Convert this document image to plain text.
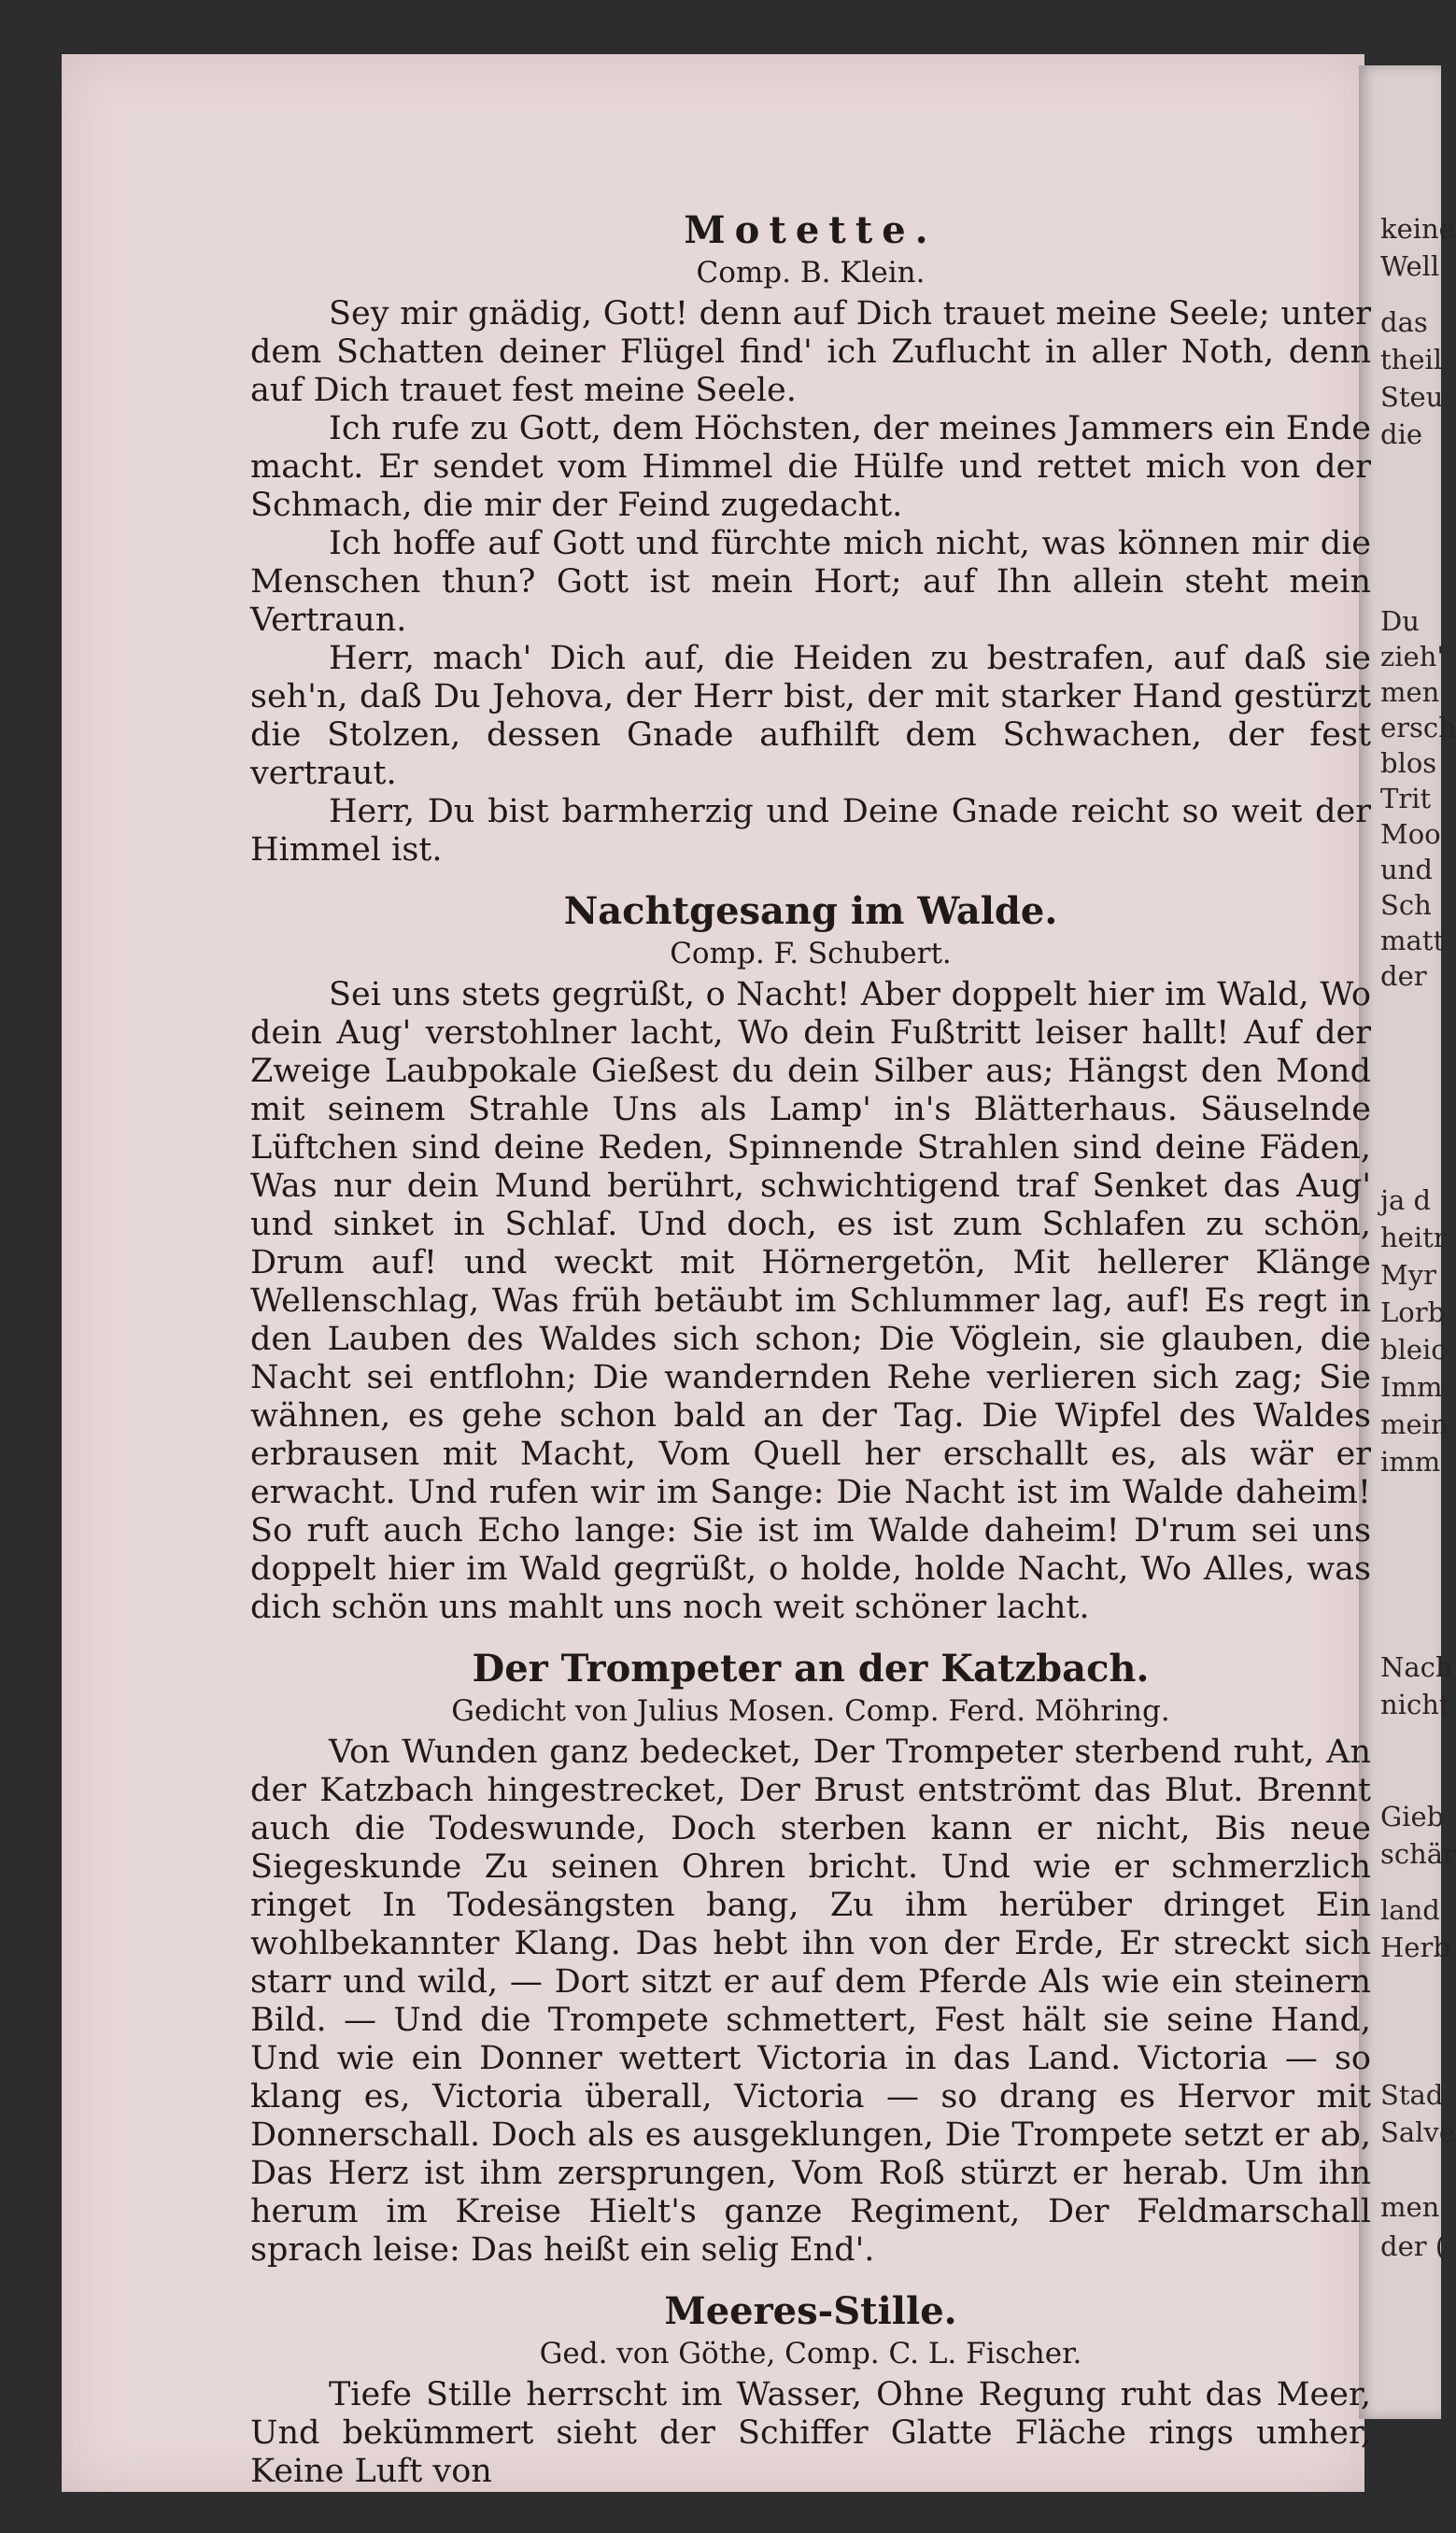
Motette.
Comp. B. Klein.

Sey mir gnädig, Gott! denn auf Dich trauet meine Seele; unter dem Schatten deiner Flügel find' ich Zuflucht in aller Noth, denn auf Dich trauet fest meine Seele.

Ich rufe zu Gott, dem Höchsten, der meines Jammers ein Ende macht. Er sendet vom Himmel die Hülfe und rettet mich von der Schmach, die mir der Feind zugedacht.

Ich hoffe auf Gott und fürchte mich nicht, was können mir die Menschen thun? Gott ist mein Hort; auf Ihn allein steht mein Vertraun.

Herr, mach' Dich auf, die Heiden zu bestrafen, auf daß sie seh'n, daß Du Jehova, der Herr bist, der mit starker Hand gestürzt die Stolzen, dessen Gnade aufhilft dem Schwachen, der fest vertraut.

Herr, Du bist barmherzig und Deine Gnade reicht so weit der Himmel ist.

Nachtgesang im Walde.
Comp. F. Schubert.

Sei uns stets gegrüßt, o Nacht! Aber doppelt hier im Wald, Wo dein Aug' verstohlner lacht, Wo dein Fußtritt leiser hallt! Auf der Zweige Laubpokale Gießest du dein Silber aus; Hängst den Mond mit seinem Strahle Uns als Lamp' in's Blätterhaus. Säuselnde Lüftchen sind deine Reden, Spinnende Strahlen sind deine Fäden, Was nur dein Mund berührt, schwichtigend traf Senket das Aug' und sinket in Schlaf. Und doch, es ist zum Schlafen zu schön, Drum auf! und weckt mit Hörnergetön, Mit hellerer Klänge Wellenschlag, Was früh betäubt im Schlummer lag, auf! Es regt in den Lauben des Waldes sich schon; Die Vöglein, sie glauben, die Nacht sei entflohn; Die wandernden Rehe verlieren sich zag; Sie wähnen, es gehe schon bald an der Tag. Die Wipfel des Waldes erbrausen mit Macht, Vom Quell her erschallt es, als wär er erwacht. Und rufen wir im Sange: Die Nacht ist im Walde daheim! So ruft auch Echo lange: Sie ist im Walde daheim! D'rum sei uns doppelt hier im Wald gegrüßt, o holde, holde Nacht, Wo Alles, was dich schön uns mahlt uns noch weit schöner lacht.

Der Trompeter an der Katzbach.
Gedicht von Julius Mosen. Comp. Ferd. Möhring.

Von Wunden ganz bedecket, Der Trompeter sterbend ruht, An der Katzbach hingestrecket, Der Brust entströmt das Blut. Brennt auch die Todeswunde, Doch sterben kann er nicht, Bis neue Siegeskunde Zu seinen Ohren bricht. Und wie er schmerzlich ringet In Todesängsten bang, Zu ihm herüber dringet Ein wohlbekannter Klang. Das hebt ihn von der Erde, Er streckt sich starr und wild, — Dort sitzt er auf dem Pferde Als wie ein steinern Bild. — Und die Trompete schmettert, Fest hält sie seine Hand, Und wie ein Donner wettert Victoria in das Land. Victoria — so klang es, Victoria überall, Victoria — so drang es Hervor mit Donnerschall. Doch als es ausgeklungen, Die Trompete setzt er ab, Das Herz ist ihm zersprungen, Vom Roß stürzt er herab. Um ihn herum im Kreise Hielt's ganze Regiment, Der Feldmarschall sprach leise: Das heißt ein selig End'.

Meeres-Stille.
Ged. von Göthe, Comp. C. L. Fischer.

Tiefe Stille herrscht im Wasser, Ohne Regung ruht das Meer, Und bekümmert sieht der Schiffer Glatte Fläche rings umher, Keine Luft von

keine
Well
das
theil
Steu
die
Du
zieh'
men
ersch
blos
Trit
Moo
und
Sch
matt
der
ja d
heitr
Myr
Lorb
bleic
Imm
mein
imm
Nach
nicht
Gieb
schär
land
Herb
Stad
Salve
men
der (
